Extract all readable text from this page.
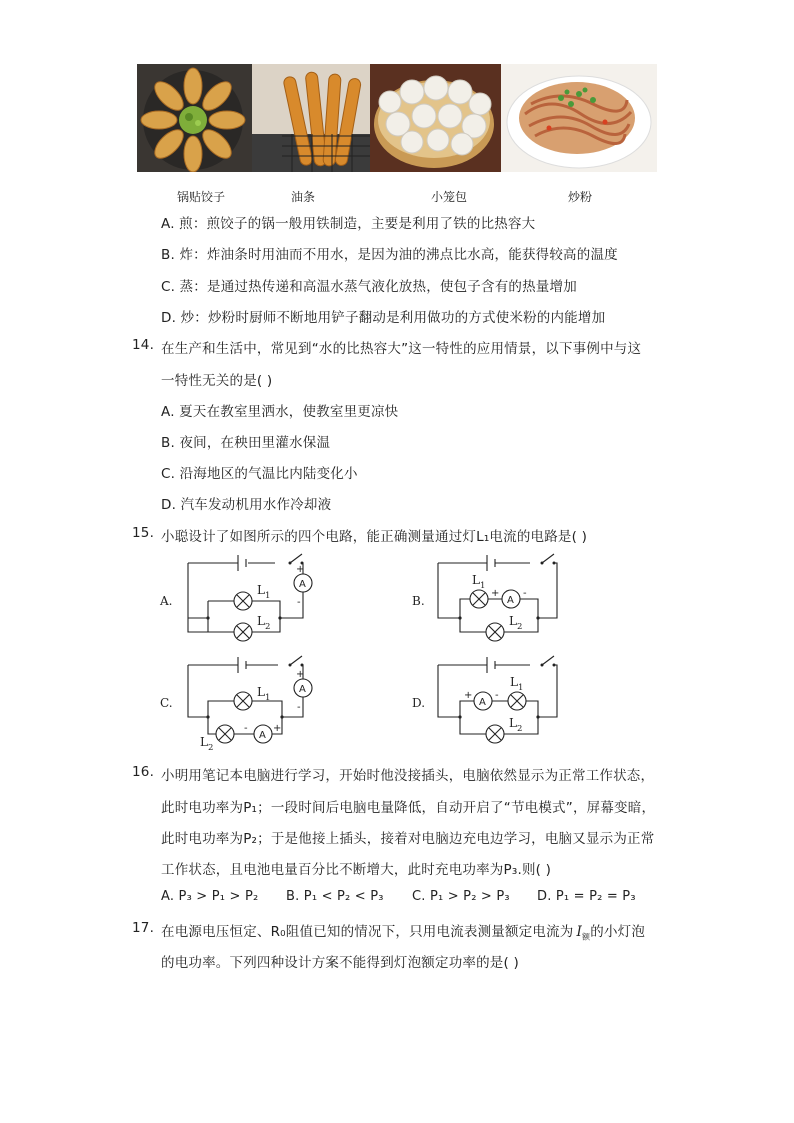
锅贴饺子	油条	小笼包	炒粉
A. 煎：煎饺子的锅一般用铁制造，主要是利用了铁的比热容大
B. 炸：炸油条时用油而不用水，是因为油的沸点比水高，能获得较高的温度
C. 蒸：是通过热传递和高温水蒸气液化放热，使包子含有的热量增加
D. 炒：炒粉时厨师不断地用铲子翻动是利用做功的方式使米粉的内能增加
14. 在生产和生活中，常见到“水的比热容大”这一特性的应用情景，以下事例中与这
一特性无关的是( )
A. 夏天在教室里洒水，使教室里更凉快
B. 夜间，在秧田里灌水保温
C. 沿海地区的气温比内陆变化小
D. 汽车发动机用水作冷却液
15. 小聪设计了如图所示的四个电路，能正确测量通过灯L₁电流的电路是( )
A.
A
+
-
L 1
L 2
B.
L 1
A
+ -
L 2
C.
A
+
-
L 1
L 2
A
-	+
D.	A
+ -
L 1
L 2
16. 小明用笔记本电脑进行学习，开始时他没接插头，电脑依然显示为正常工作状态，
此时电功率为P₁；一段时间后电脑电量降低，自动开启了“节电模式”，屏幕变暗，
此时电功率为P₂；于是他接上插头，接着对电脑边充电边学习，电脑又显示为正常
工作状态，且电池电量百分比不断增大，此时充电功率为P₃.则( )
A. P₃ > P₁ > P₂ B. P₁ < P₂ < P₃ C. P₁ > P₂ > P₃ D. P₁ = P₂ = P₃
17. 在电源电压恒定、R₀阻值已知的情况下，只用电流表测量额定电流为 $I_额$的小灯泡
的电功率。下列四种设计方案不能得到灯泡额定功率的是( )
